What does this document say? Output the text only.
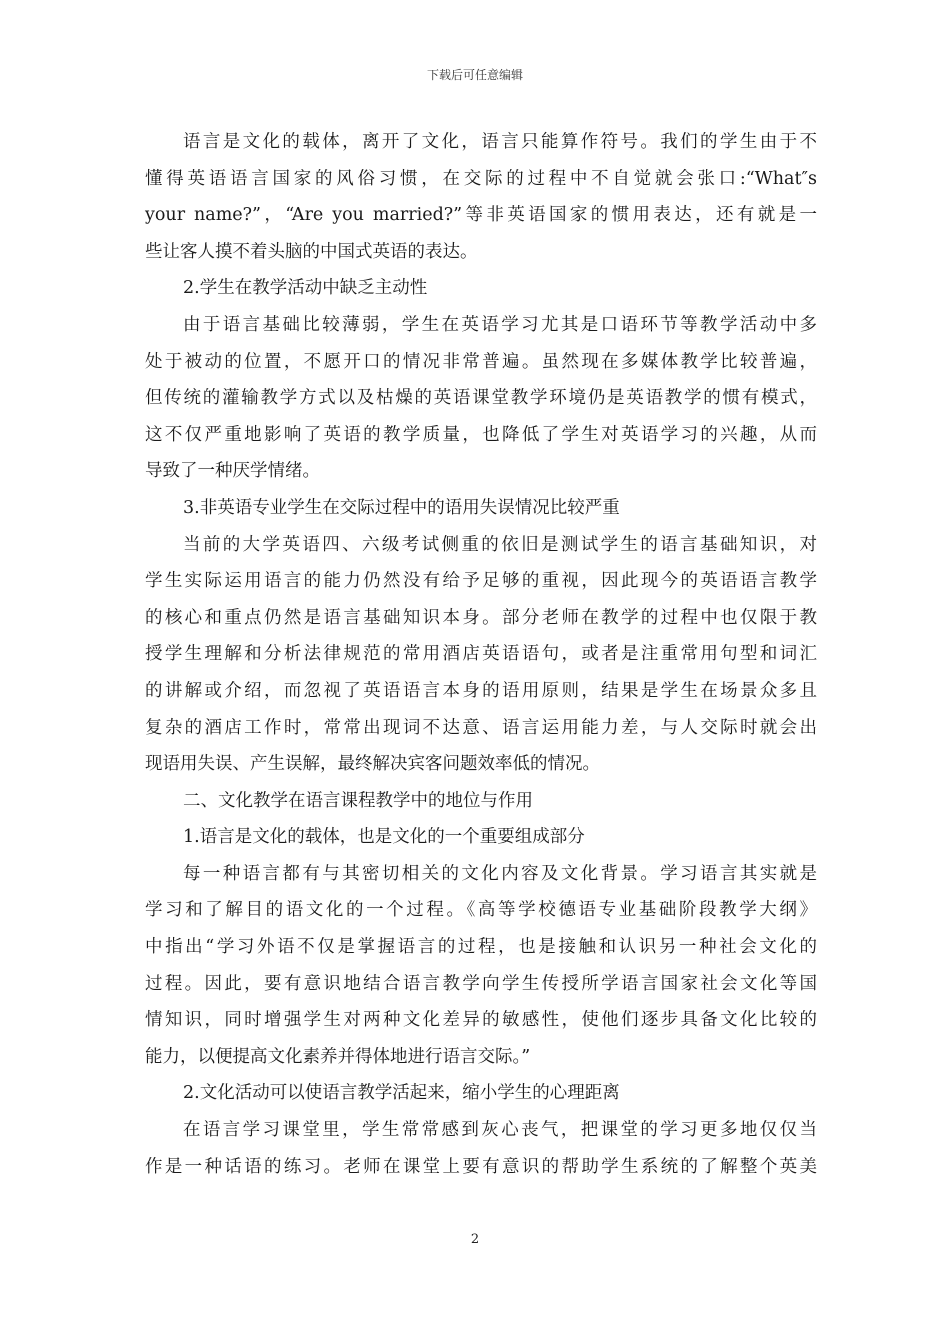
下载后可任意编辑
语言是文化的载体，离开了文化，语言只能算作符号。我们的学生由于不
懂得英语语言国家的风俗习惯，在交际的过程中不自觉就会张口:“What″s
your name?”，“Are you married?”等非英语国家的惯用表达，还有就是一
些让客人摸不着头脑的中国式英语的表达。
2.学生在教学活动中缺乏主动性
由于语言基础比较薄弱，学生在英语学习尤其是口语环节等教学活动中多
处于被动的位置，不愿开口的情况非常普遍。虽然现在多媒体教学比较普遍，
但传统的灌输教学方式以及枯燥的英语课堂教学环境仍是英语教学的惯有模式，
这不仅严重地影响了英语的教学质量，也降低了学生对英语学习的兴趣，从而
导致了一种厌学情绪。
3.非英语专业学生在交际过程中的语用失误情况比较严重
当前的大学英语四、六级考试侧重的依旧是测试学生的语言基础知识，对
学生实际运用语言的能力仍然没有给予足够的重视，因此现今的英语语言教学
的核心和重点仍然是语言基础知识本身。部分老师在教学的过程中也仅限于教
授学生理解和分析法律规范的常用酒店英语语句，或者是注重常用句型和词汇
的讲解或介绍，而忽视了英语语言本身的语用原则，结果是学生在场景众多且
复杂的酒店工作时，常常出现词不达意、语言运用能力差，与人交际时就会出
现语用失误、产生误解，最终解决宾客问题效率低的情况。
二、文化教学在语言课程教学中的地位与作用
1.语言是文化的载体，也是文化的一个重要组成部分
每一种语言都有与其密切相关的文化内容及文化背景。学习语言其实就是
学习和了解目的语文化的一个过程。《高等学校德语专业基础阶段教学大纲》
中指出“学习外语不仅是掌握语言的过程，也是接触和认识另一种社会文化的
过程。因此，要有意识地结合语言教学向学生传授所学语言国家社会文化等国
情知识，同时增强学生对两种文化差异的敏感性，使他们逐步具备文化比较的
能力，以便提高文化素养并得体地进行语言交际。”
2.文化活动可以使语言教学活起来，缩小学生的心理距离
在语言学习课堂里，学生常常感到灰心丧气，把课堂的学习更多地仅仅当
作是一种话语的练习。老师在课堂上要有意识的帮助学生系统的了解整个英美
2
